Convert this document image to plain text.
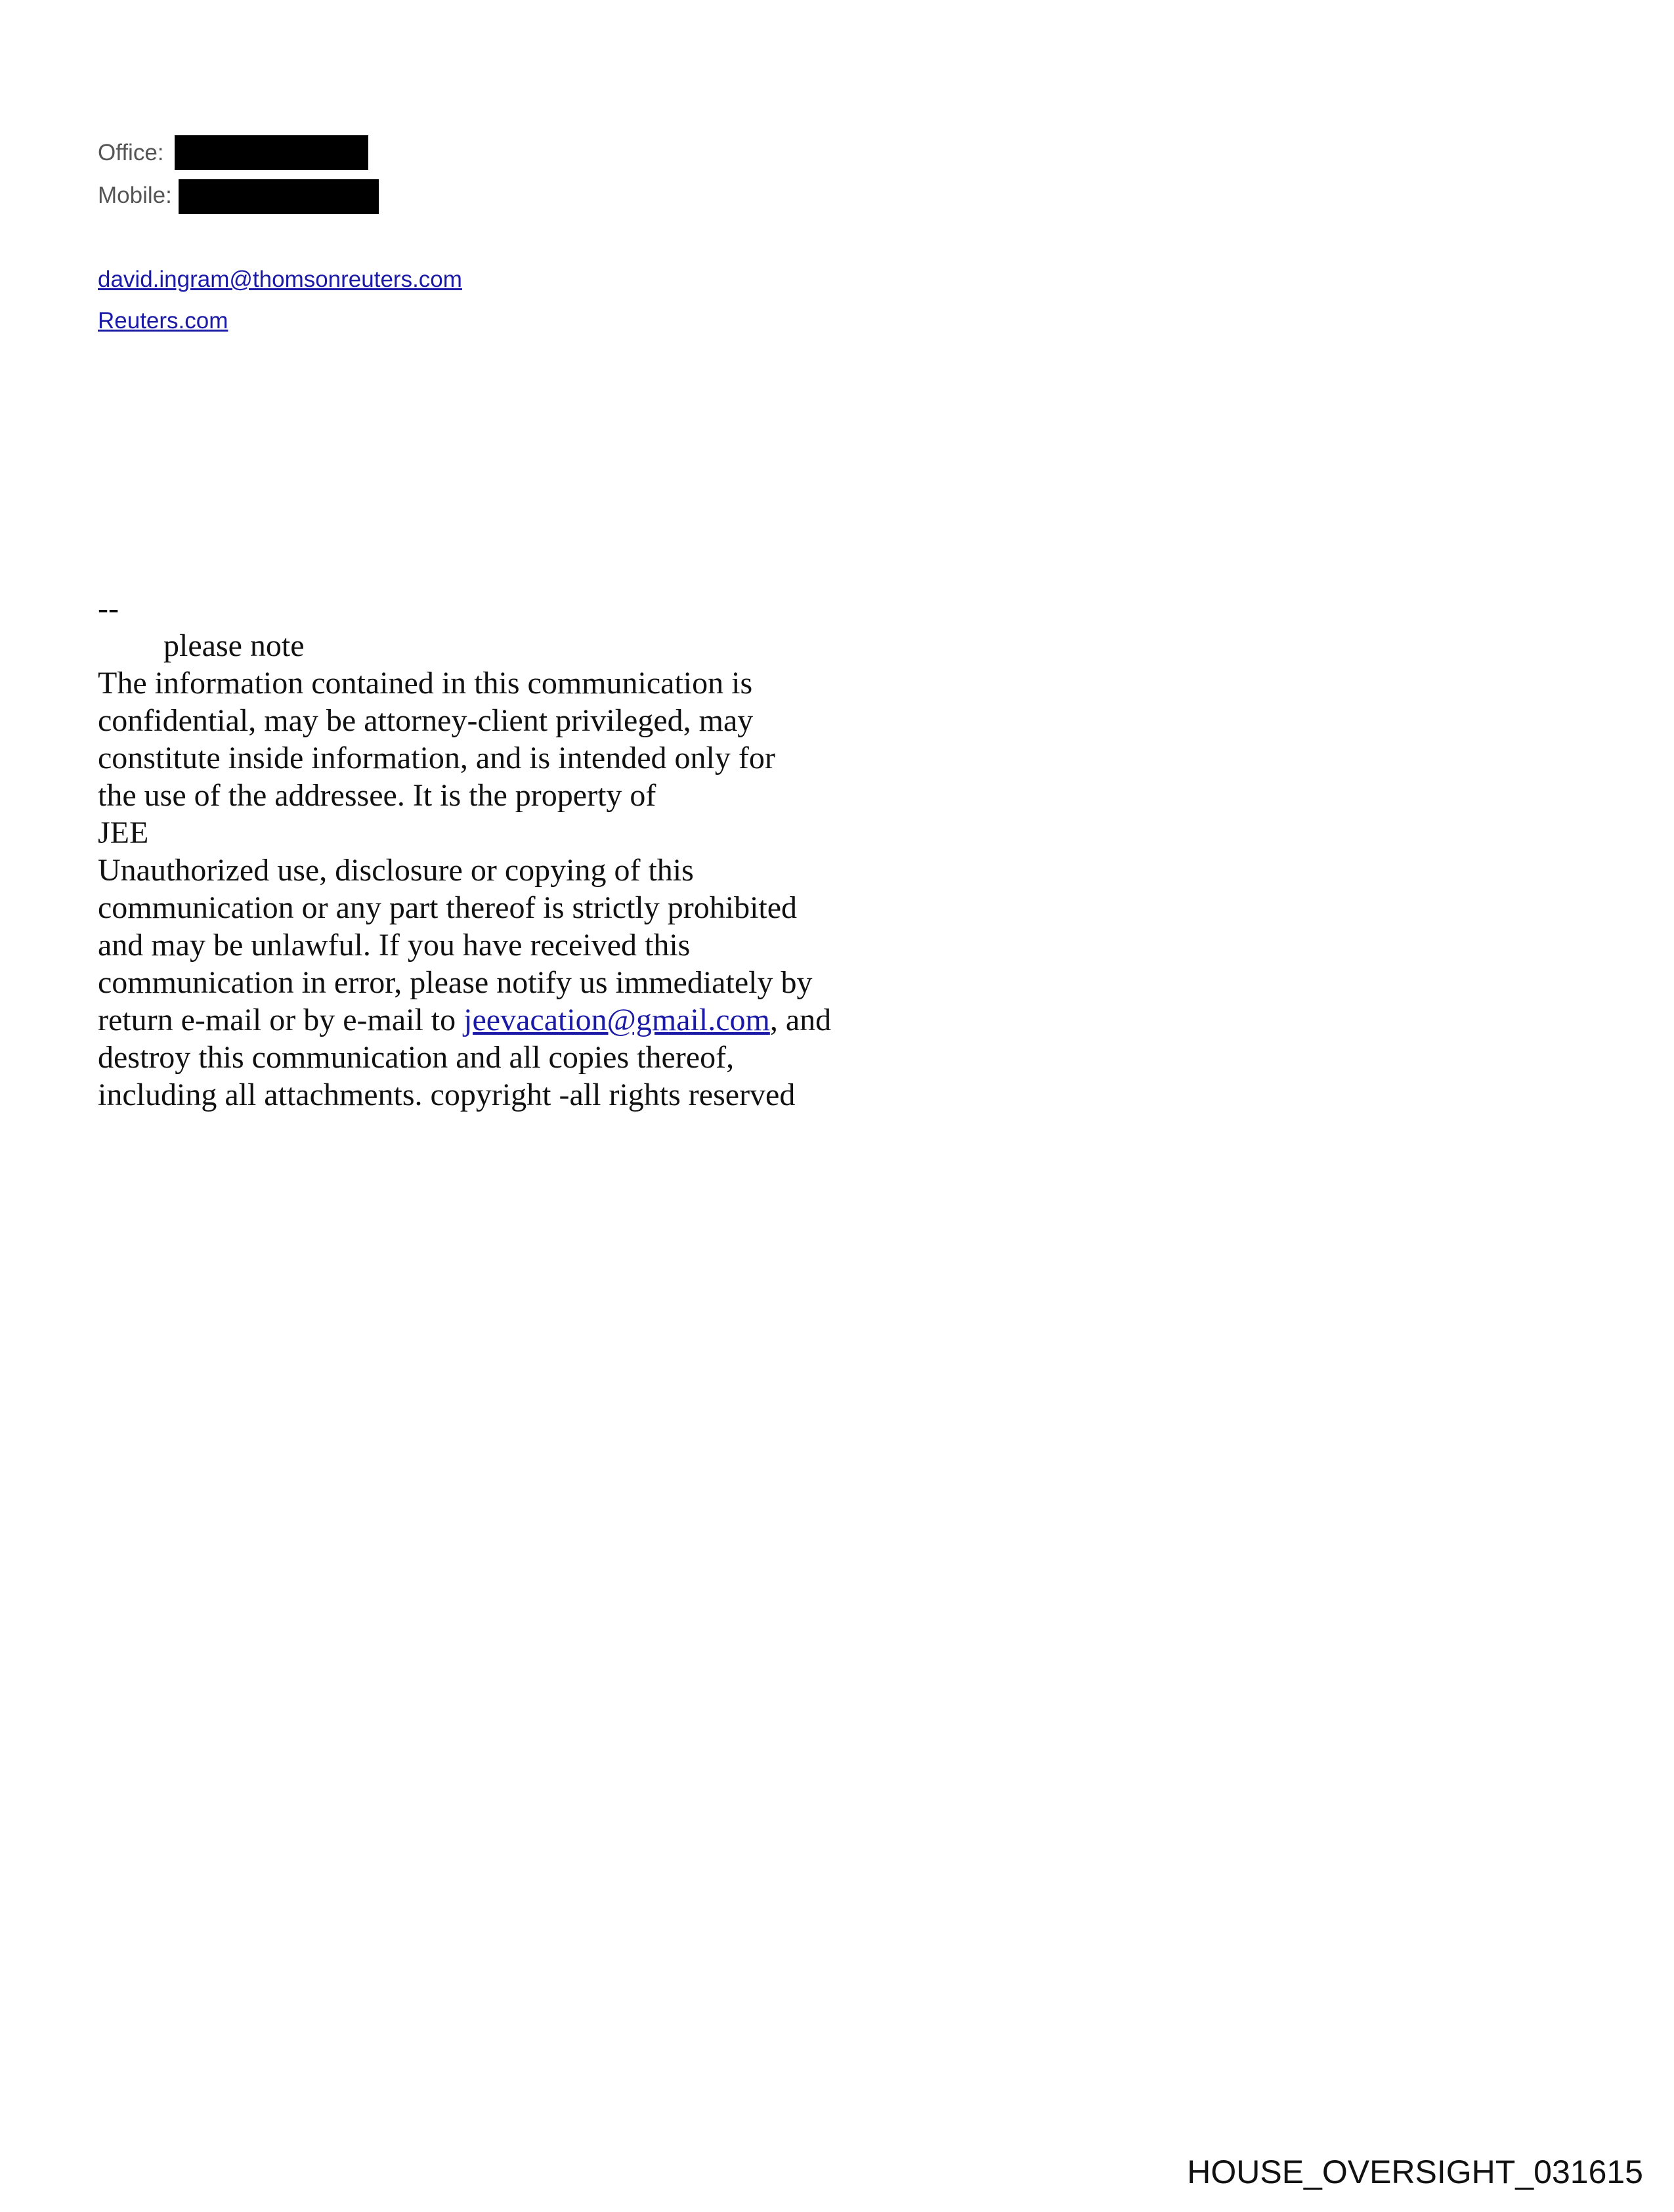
Office:
Mobile:
david.ingram@thomsonreuters.com
Reuters.com
--
please note
The information contained in this communication is
confidential, may be attorney-client privileged, may
constitute inside information, and is intended only for
the use of the addressee. It is the property of
JEE
Unauthorized use, disclosure or copying of this
communication or any part thereof is strictly prohibited
and may be unlawful. If you have received this
communication in error, please notify us immediately by
return e-mail or by e-mail to jeevacation@gmail.com, and
destroy this communication and all copies thereof,
including all attachments. copyright -all rights reserved
HOUSE_OVERSIGHT_031615
